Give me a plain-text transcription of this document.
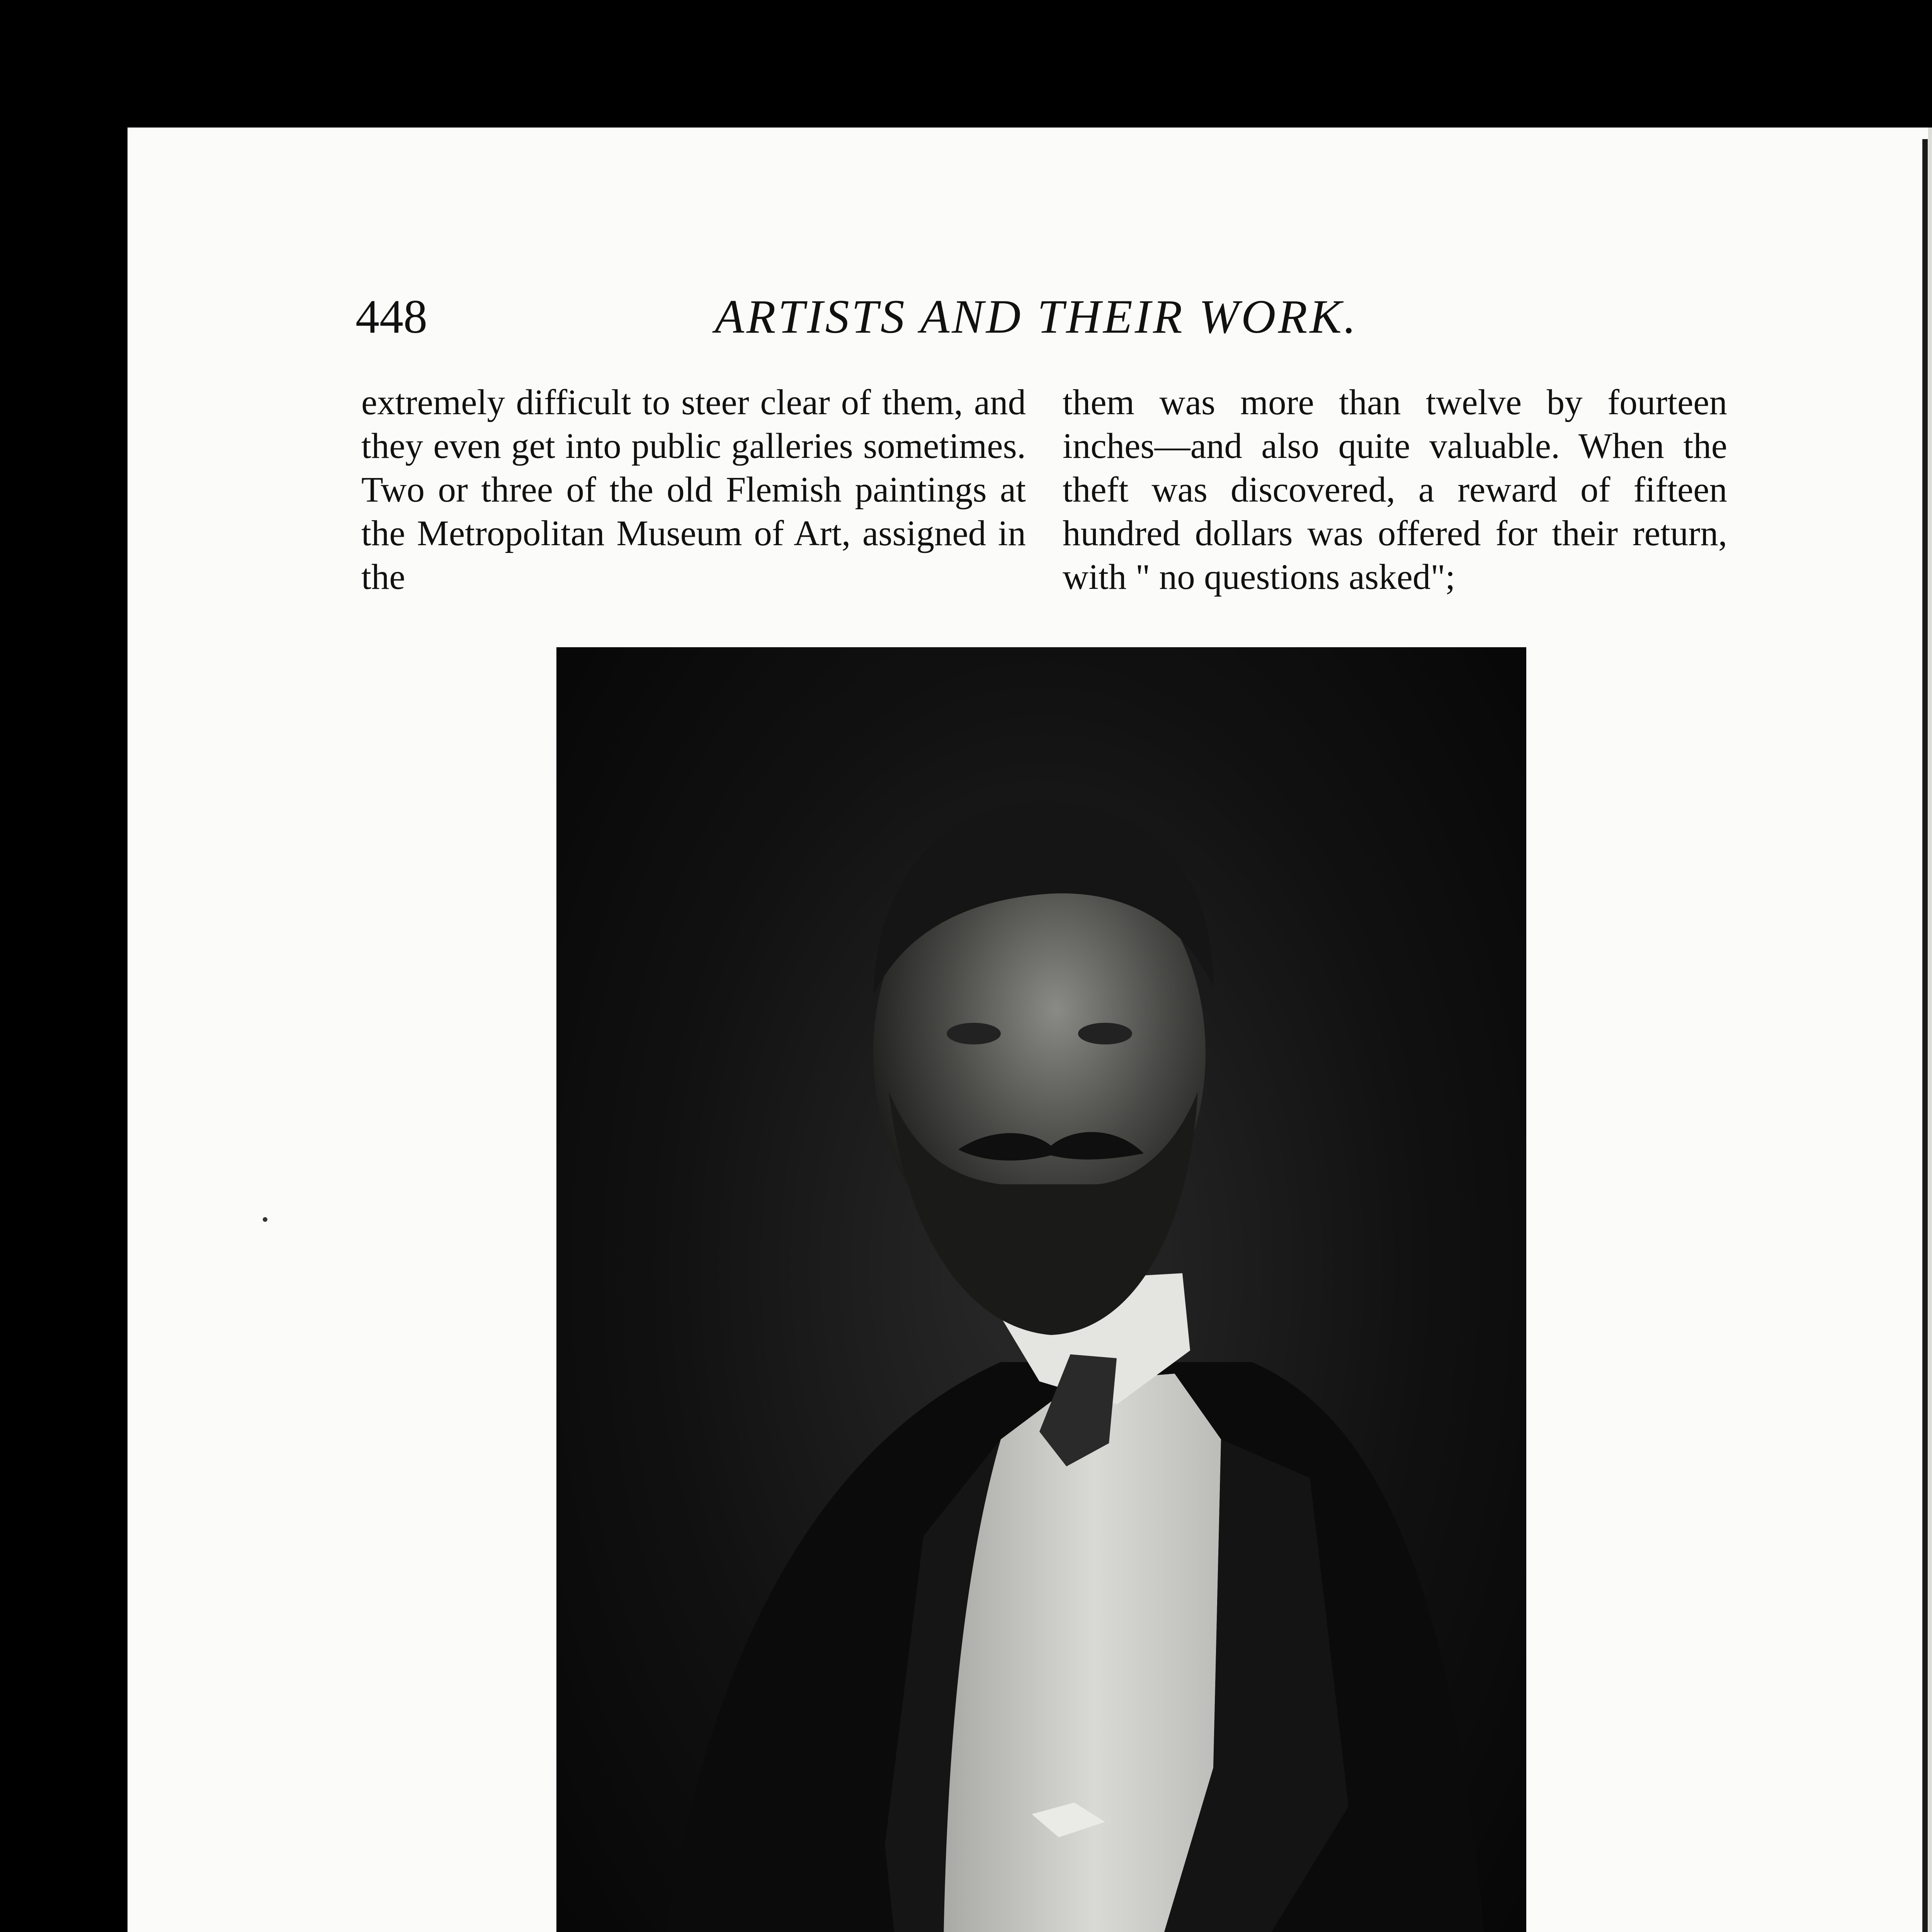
448	ARTISTS AND THEIR WORK.

extremely difficult to steer clear of them, and they even get into public galleries sometimes. Two or three of the old Flemish paintings at the Metropolitan Museum of Art, assigned in the

them was more than twelve by fourteen inches—and also quite valuable. When the theft was discovered, a reward of fifteen hundred dollars was offered for their return, with " no questions asked";
